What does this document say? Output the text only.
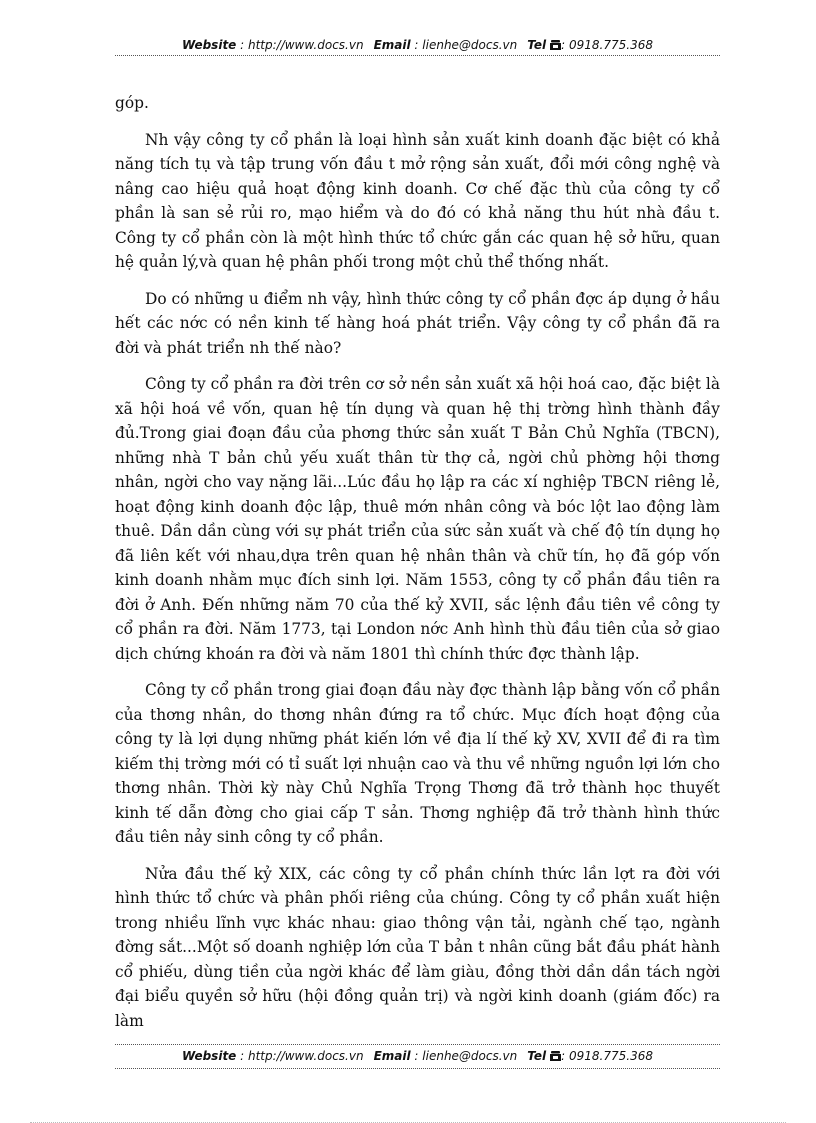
Website : http://www.docs.vn Email : lienhe@docs.vn Tel : 0918.775.368

góp.

Nh vậy công ty cổ phần là loại hình sản xuất kinh doanh đặc biệt có khả năng tích tụ và tập trung vốn đầu t mở rộng sản xuất, đổi mới công nghệ và nâng cao hiệu quả hoạt động kinh doanh. Cơ chế đặc thù của công ty cổ phần là san sẻ rủi ro, mạo hiểm và do đó có khả năng thu hút nhà đầu t. Công ty cổ phần còn là một hình thức tổ chức gắn các quan hệ sở hữu, quan hệ quản lý,và quan hệ phân phối trong một chủ thể thống nhất.

Do có những u điểm nh vậy, hình thức công ty cổ phần đợc áp dụng ở hầu hết các nớc có nền kinh tế hàng hoá phát triển. Vậy công ty cổ phần đã ra đời và phát triển nh thế nào?

Công ty cổ phần ra đời trên cơ sở nền sản xuất xã hội hoá cao, đặc biệt là xã hội hoá về vốn, quan hệ tín dụng và quan hệ thị trờng hình thành đầy đủ.Trong giai đoạn đầu của phơng thức sản xuất T Bản Chủ Nghĩa (TBCN), những nhà T bản chủ yếu xuất thân từ thợ cả, ngời chủ phờng hội thơng nhân, ngời cho vay nặng lãi...Lúc đầu họ lập ra các xí nghiệp TBCN riêng lẻ, hoạt động kinh doanh độc lập, thuê mớn nhân công và bóc lột lao động làm thuê. Dần dần cùng với sự phát triển của sức sản xuất và chế độ tín dụng họ đã liên kết với nhau,dựa trên quan hệ nhân thân và chữ tín, họ đã góp vốn kinh doanh nhằm mục đích sinh lợi. Năm 1553, công ty cổ phần đầu tiên ra đời ở Anh. Đến những năm 70 của thế kỷ XVII, sắc lệnh đầu tiên về công ty cổ phần ra đời. Năm 1773, tại London nớc Anh hình thù đầu tiên của sở giao dịch chứng khoán ra đời và năm 1801 thì chính thức đợc thành lập.

Công ty cổ phần trong giai đoạn đầu này đợc thành lập bằng vốn cổ phần của thơng nhân, do thơng nhân đứng ra tổ chức. Mục đích hoạt động của công ty là lợi dụng những phát kiến lớn về địa lí thế kỷ XV, XVII để đi ra tìm kiếm thị trờng mới có tỉ suất lợi nhuận cao và thu về những nguồn lợi lớn cho thơng nhân. Thời kỳ này Chủ Nghĩa Trọng Thơng đã trở thành học thuyết kinh tế dẫn đờng cho giai cấp T sản. Thơng nghiệp đã trở thành hình thức đầu tiên nảy sinh công ty cổ phần.

Nửa đầu thế kỷ XIX, các công ty cổ phần chính thức lần lợt ra đời với hình thức tổ chức và phân phối riêng của chúng. Công ty cổ phần xuất hiện trong nhiều lĩnh vực khác nhau: giao thông vận tải, ngành chế tạo, ngành đờng sắt...Một số doanh nghiệp lớn của T bản t nhân cũng bắt đầu phát hành cổ phiếu, dùng tiền của ngời khác để làm giàu, đồng thời dần dần tách ngời đại biểu quyền sở hữu (hội đồng quản trị) và ngời kinh doanh (giám đốc) ra làm

Website : http://www.docs.vn Email : lienhe@docs.vn Tel : 0918.775.368
